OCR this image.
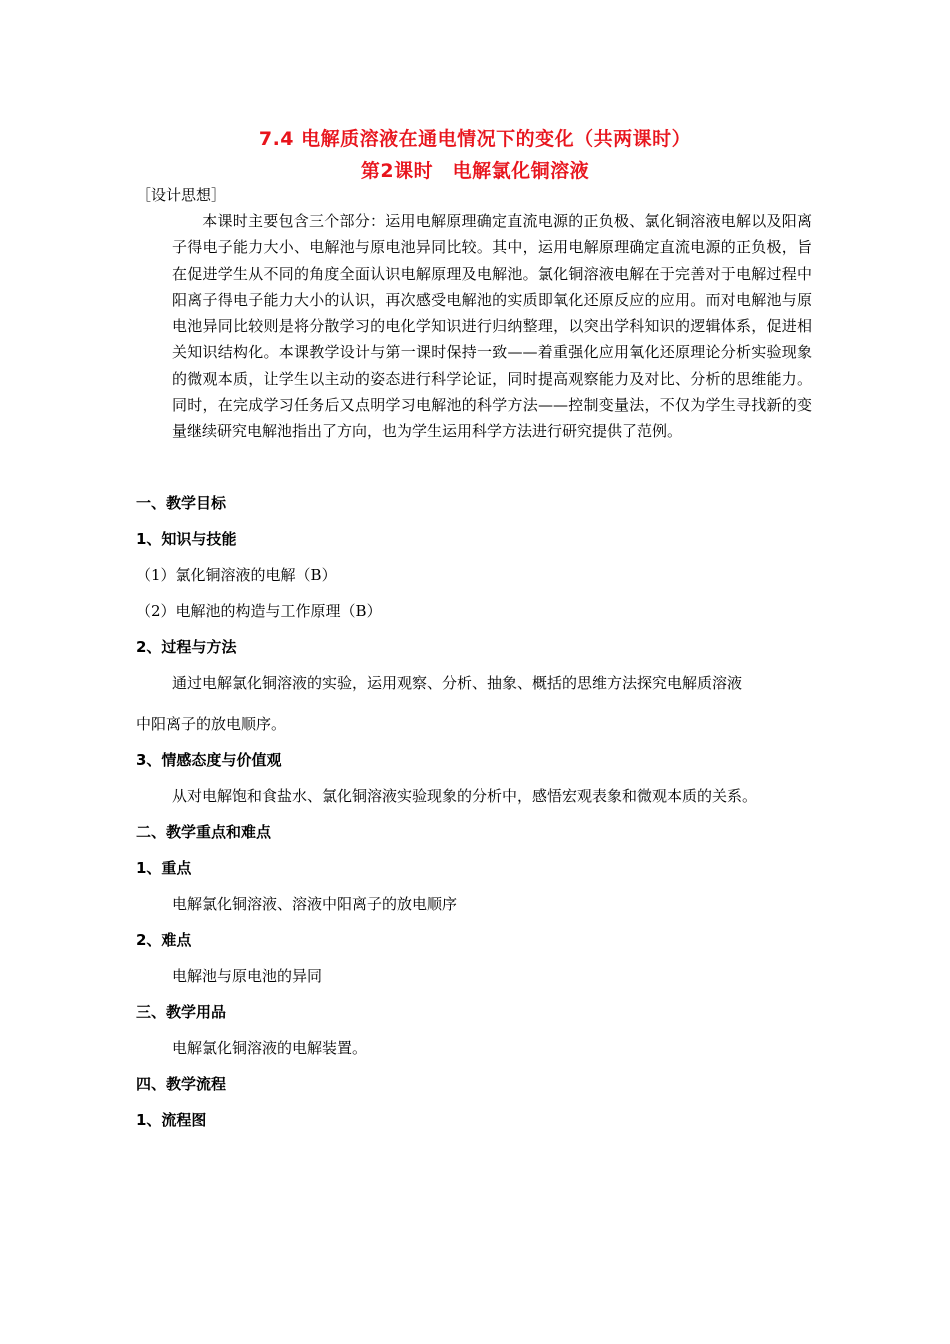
7.4 电解质溶液在通电情况下的变化（共两课时）
第2课时　电解氯化铜溶液
［设计思想］
本课时主要包含三个部分：运用电解原理确定直流电源的正负极、氯化铜溶液电解以及阳离子得电子能力大小、电解池与原电池异同比较。其中，运用电解原理确定直流电源的正负极，旨在促进学生从不同的角度全面认识电解原理及电解池。氯化铜溶液电解在于完善对于电解过程中阳离子得电子能力大小的认识，再次感受电解池的实质即氧化还原反应的应用。而对电解池与原电池异同比较则是将分散学习的电化学知识进行归纳整理，以突出学科知识的逻辑体系，促进相关知识结构化。本课教学设计与第一课时保持一致——着重强化应用氧化还原理论分析实验现象的微观本质，让学生以主动的姿态进行科学论证，同时提高观察能力及对比、分析的思维能力。同时，在完成学习任务后又点明学习电解池的科学方法——控制变量法，不仅为学生寻找新的变量继续研究电解池指出了方向，也为学生运用科学方法进行研究提供了范例。
一、教学目标
1、知识与技能
（1）氯化铜溶液的电解（B）
（2）电解池的构造与工作原理（B）
2、过程与方法
通过电解氯化铜溶液的实验，运用观察、分析、抽象、概括的思维方法探究电解质溶液
中阳离子的放电顺序。
3、情感态度与价值观
从对电解饱和食盐水、氯化铜溶液实验现象的分析中，感悟宏观表象和微观本质的关系。
二、教学重点和难点
1、重点
电解氯化铜溶液、溶液中阳离子的放电顺序
2、难点
电解池与原电池的异同
三、教学用品
电解氯化铜溶液的电解装置。
四、教学流程
1、流程图
